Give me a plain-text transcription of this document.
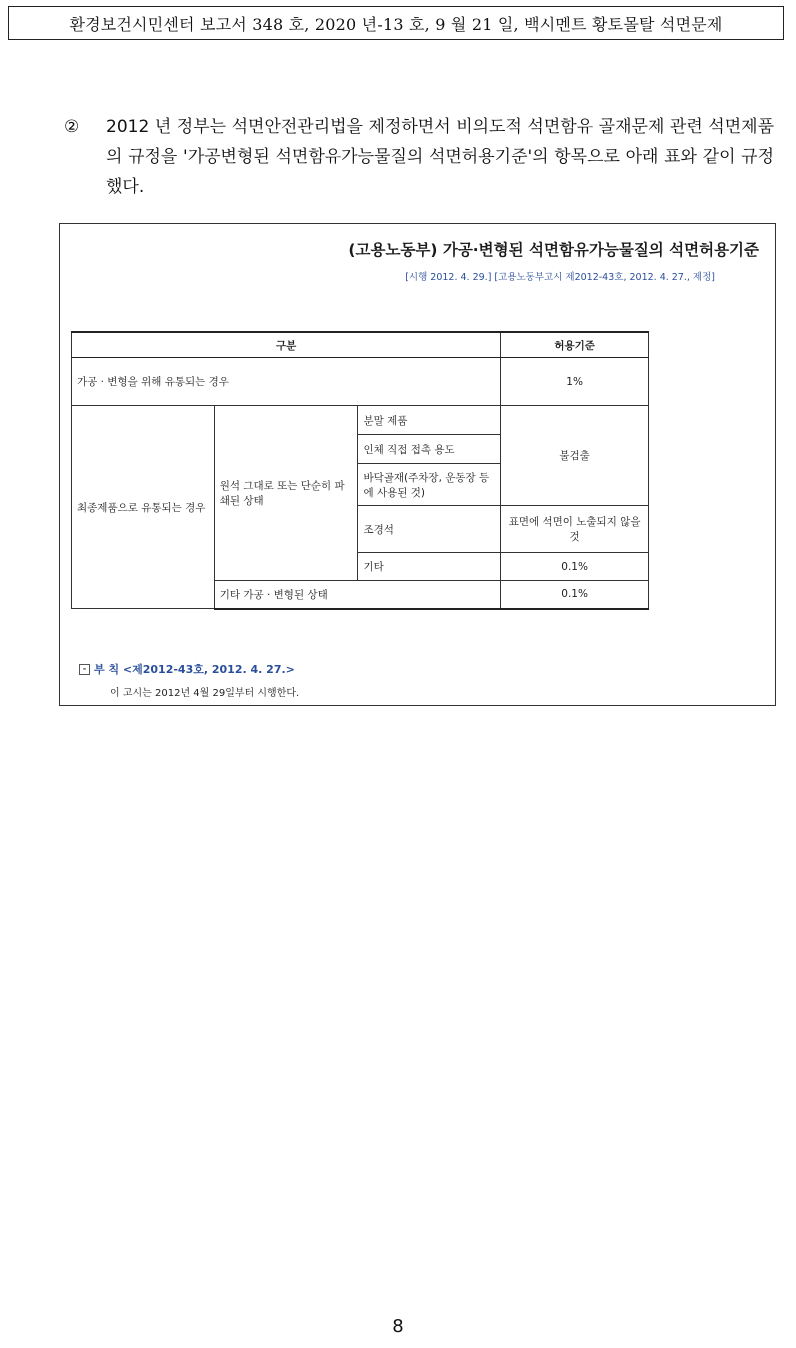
환경보건시민센터 보고서 348 호, 2020 년-13 호, 9 월 21 일, 백시멘트 황토몰탈 석면문제
②	2012 년 정부는 석면안전관리법을 제정하면서 비의도적 석면함유 골재문제 관련 석면제품의 규정을 '가공변형된 석면함유가능물질의 석면허용기준'의 항목으로 아래 표와 같이 규정했다.
(고용노동부) 가공·변형된 석면함유가능물질의 석면허용기준
[시행 2012. 4. 29.] [고용노동부고시 제2012-43호, 2012. 4. 27., 제정]
구분			허용기준
가공 · 변형을 위해 유통되는 경우			1%
최종제품으로 유통되는 경우	원석 그대로 또는 단순히 파쇄된 상태	분말 제품	불검출
		인체 직접 접촉 용도	
		바닥골재(주차장, 운동장 등에 사용된 것)	
		조경석	표면에 석면이 노출되지 않을 것
		기타	0.1%
	기타 가공 · 변형된 상태		0.1%
- 부 칙 <제2012-43호, 2012. 4. 27.>
이 고시는 2012년 4월 29일부터 시행한다.
8
